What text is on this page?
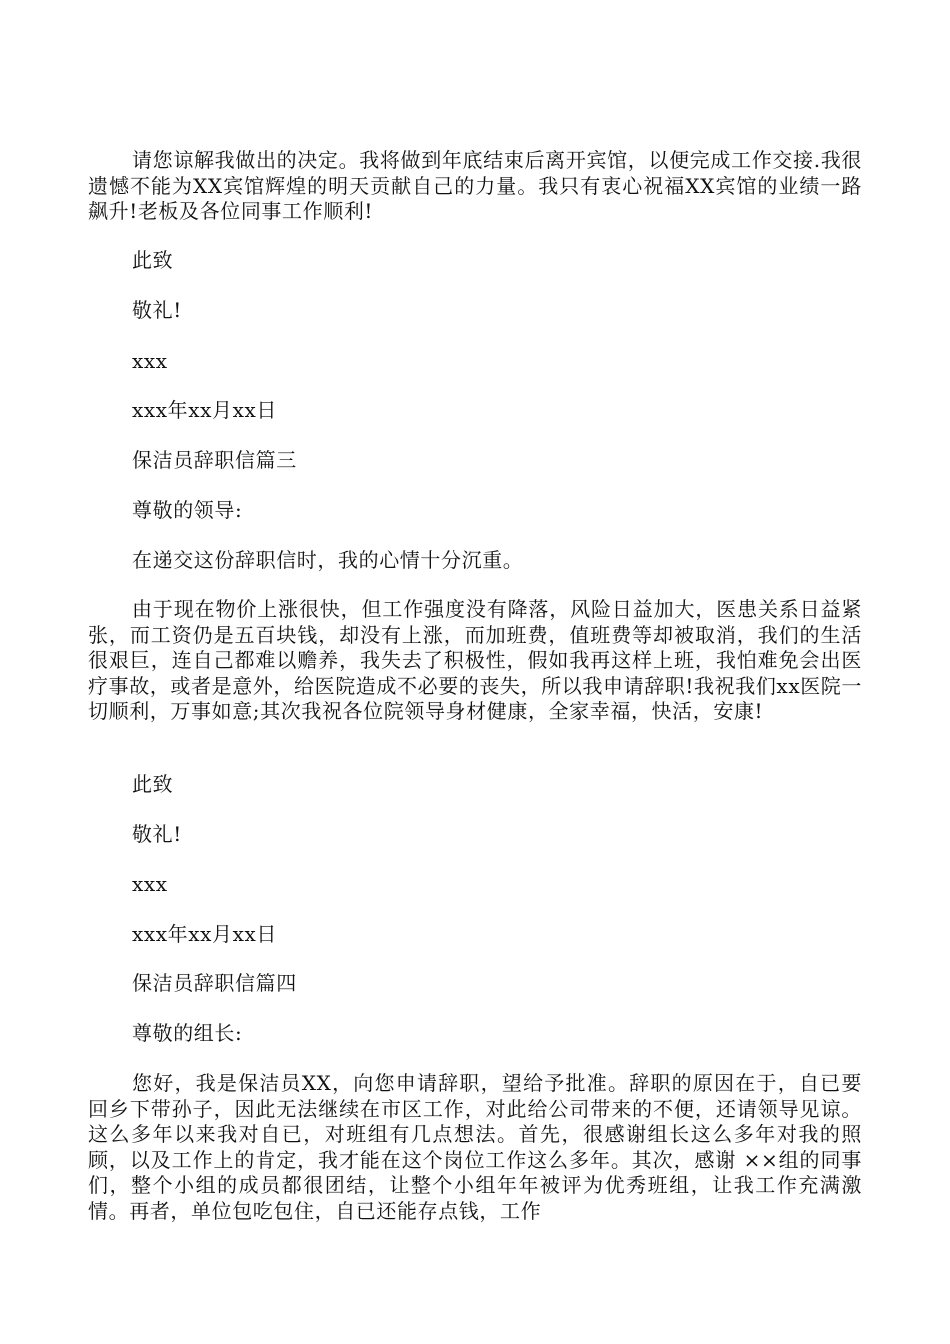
请您谅解我做出的决定。我将做到年底结束后离开宾馆，以便完成工作交接.我很遗憾不能为XX宾馆辉煌的明天贡献自己的力量。我只有衷心祝福XX宾馆的业绩一路飙升!老板及各位同事工作顺利!

此致

敬礼!

xxx

xxx年xx月xx日

保洁员辞职信篇三

尊敬的领导:

在递交这份辞职信时，我的心情十分沉重。

由于现在物价上涨很快，但工作强度没有降落，风险日益加大，医患关系日益紧张，而工资仍是五百块钱，却没有上涨，而加班费，值班费等却被取消，我们的生活很艰巨，连自己都难以赡养，我失去了积极性，假如我再这样上班，我怕难免会出医疗事故，或者是意外，给医院造成不必要的丧失，所以我申请辞职!我祝我们xx医院一切顺利，万事如意;其次我祝各位院领导身材健康，全家幸福，快活，安康!

此致

敬礼!

xxx

xxx年xx月xx日

保洁员辞职信篇四

尊敬的组长:

您好，我是保洁员XX，向您申请辞职，望给予批准。辞职的原因在于，自已要回乡下带孙子，因此无法继续在市区工作，对此给公司带来的不便，还请领导见谅。这么多年以来我对自已，对班组有几点想法。首先，很感谢组长这么多年对我的照顾，以及工作上的肯定，我才能在这个岗位工作这么多年。其次，感谢 ××组的同事们，整个小组的成员都很团结，让整个小组年年被评为优秀班组，让我工作充满激情。再者，单位包吃包住，自已还能存点钱，工作
